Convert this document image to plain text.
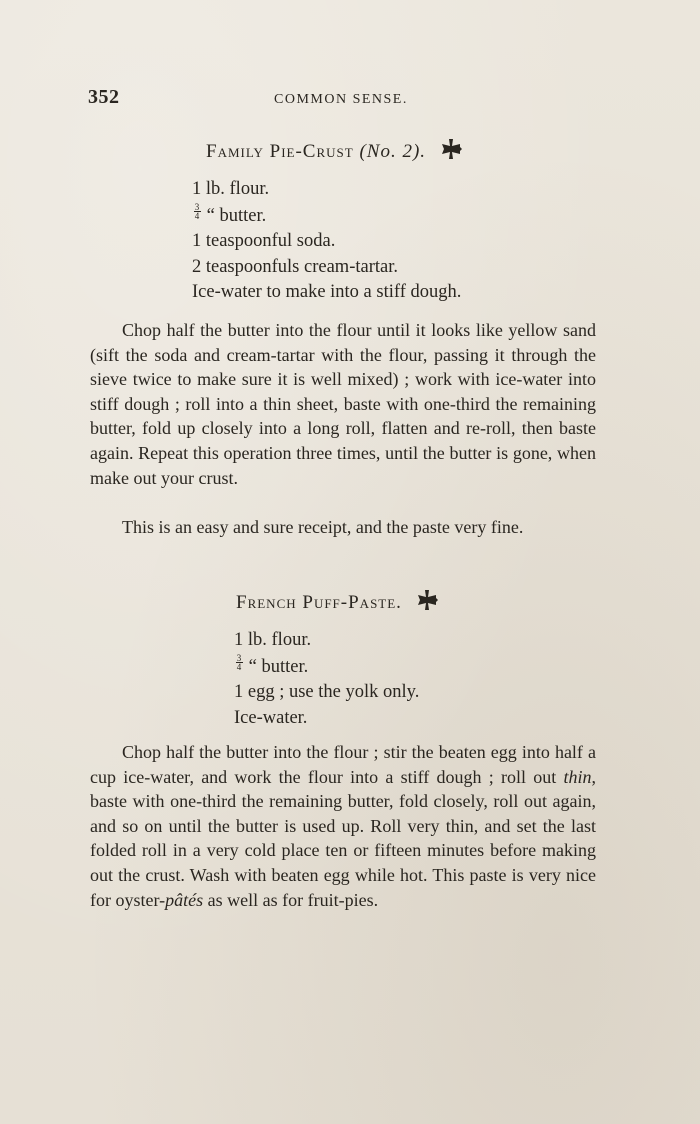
352	COMMON SENSE.
Family Pie-Crust (No. 2).
1 lb. flour.
$\frac{3}{4}$ “ butter.
1 teaspoonful soda.
2 teaspoonfuls cream-tartar.
Ice-water to make into a stiff dough.

Chop half the butter into the flour until it looks like yellow sand (sift the soda and cream-tartar with the flour, passing it through the sieve twice to make sure it is well mixed) ; work with ice-water into stiff dough ; roll into a thin sheet, baste with one-third the remaining butter, fold up closely into a long roll, flatten and re-roll, then baste again. Repeat this operation three times, until the butter is gone, when make out your crust.

This is an easy and sure receipt, and the paste very fine.

French Puff-Paste.
1 lb. flour.
$\frac{3}{4}$ “ butter.
1 egg ; use the yolk only.
Ice-water.

Chop half the butter into the flour ; stir the beaten egg into half a cup ice-water, and work the flour into a stiff dough ; roll out thin, baste with one-third the remaining butter, fold closely, roll out again, and so on until the butter is used up. Roll very thin, and set the last folded roll in a very cold place ten or fifteen minutes before making out the crust. Wash with beaten egg while hot. This paste is very nice for oyster-pâtés as well as for fruit-pies.
